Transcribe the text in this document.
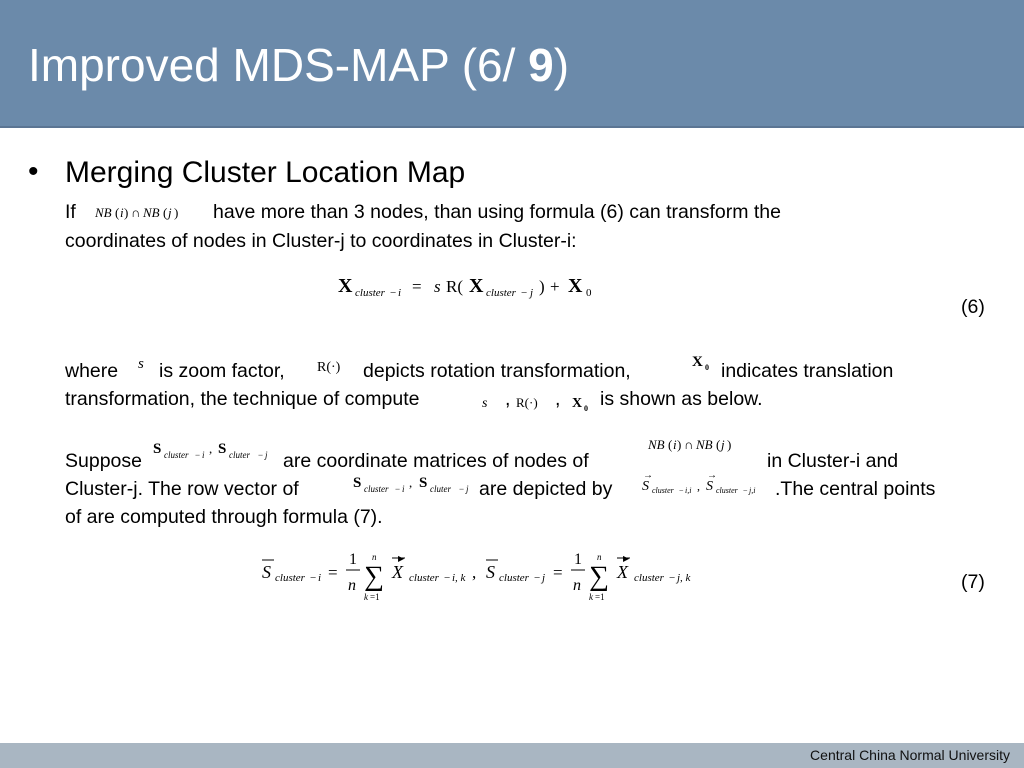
Improved MDS-MAP (6/ 9)
• Merging Cluster Location Map
If NB ( i ) ∩ NB ( j ) have more than 3 nodes, than using formula (6) can transform the
coordinates of nodes in Cluster-j to coordinates in Cluster-i:
X cluster − i = s R( X cluster − j ) + X 0
(6)
where s is zoom factor, R(·) depicts rotation transformation,	X 0 indicates translation
transformation, the technique of compute	s , R(·) , X 0 is shown as below.
Suppose
S cluster − i , S cluter − j are coordinate matrices of nodes of
NB ( i ) ∩ NB ( j )
in Cluster-i and
Cluster-j. The row vector of	S cluster − i , S cluter − j are depicted by S
→
cluster − i,i , S
→
cluster − j,i .The central points
of are computed through formula (7).
S cluster − i =
1
n
n
∑
k =1
▶
X cluster − i, k , S cluster − j =
1
n
n
∑
k =1
▶
X cluster − j, k	(7)
Central China Normal University
